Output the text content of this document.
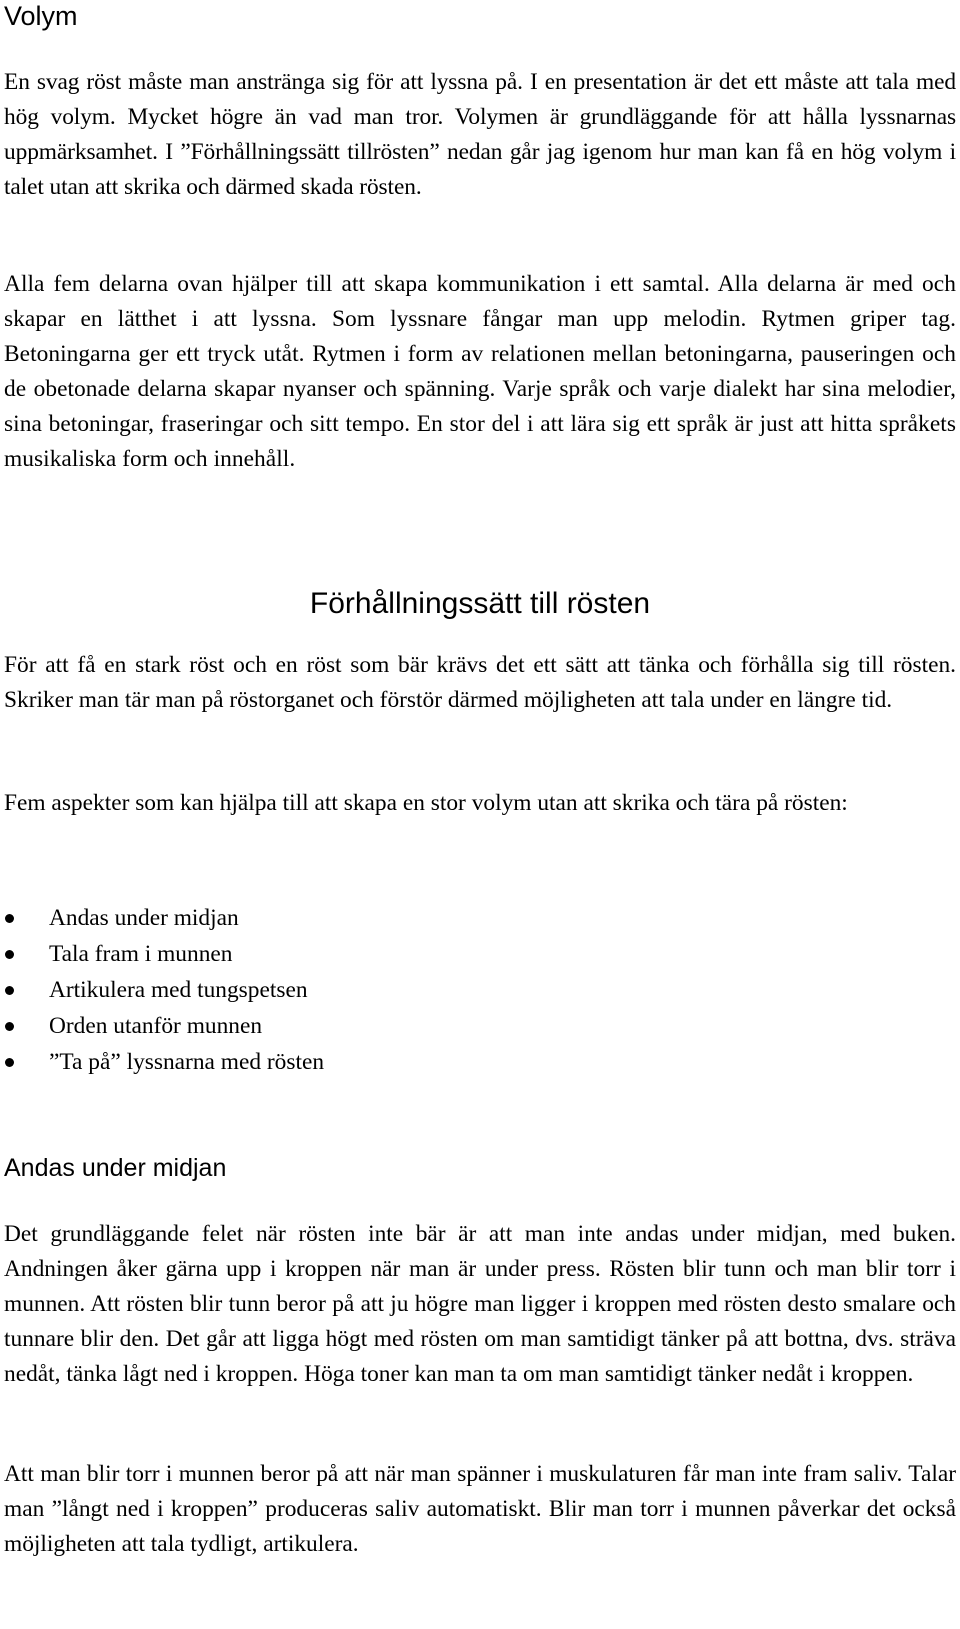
Volym

En svag röst måste man anstränga sig för att lyssna på. I en presentation är det ett måste att tala med hög volym. Mycket högre än vad man tror. Volymen är grundläggande för att hålla lyssnarnas uppmärksamhet. I ”Förhållningssätt tillrösten” nedan går jag igenom hur man kan få en hög volym i talet utan att skrika och därmed skada rösten.

Alla fem delarna ovan hjälper till att skapa kommunikation i ett samtal. Alla delarna är med och skapar en lätthet i att lyssna. Som lyssnare fångar man upp melodin. Rytmen griper tag. Betoningarna ger ett tryck utåt. Rytmen i form av relationen mellan betoningarna, pauseringen och de obetonade delarna skapar nyanser och spänning. Varje språk och varje dialekt har sina melodier, sina betoningar, fraseringar och sitt tempo. En stor del i att lära sig ett språk är just att hitta språkets musikaliska form och innehåll.

Förhållningssätt till rösten

För att få en stark röst och en röst som bär krävs det ett sätt att tänka och förhålla sig till rösten. Skriker man tär man på röstorganet och förstör därmed möjligheten att tala under en längre tid.

Fem aspekter som kan hjälpa till att skapa en stor volym utan att skrika och tära på rösten:

Andas under midjan
Tala fram i munnen
Artikulera med tungspetsen
Orden utanför munnen
”Ta på” lyssnarna med rösten
Andas under midjan

Det grundläggande felet när rösten inte bär är att man inte andas under midjan, med buken. Andningen åker gärna upp i kroppen när man är under press. Rösten blir tunn och man blir torr i munnen. Att rösten blir tunn beror på att ju högre man ligger i kroppen med rösten desto smalare och tunnare blir den. Det går att ligga högt med rösten om man samtidigt tänker på att bottna, dvs. sträva nedåt, tänka lågt ned i kroppen. Höga toner kan man ta om man samtidigt tänker nedåt i kroppen.

Att man blir torr i munnen beror på att när man spänner i muskulaturen får man inte fram saliv. Talar man ”långt ned i kroppen” produceras saliv automatiskt. Blir man torr i munnen påverkar det också möjligheten att tala tydligt, artikulera.
